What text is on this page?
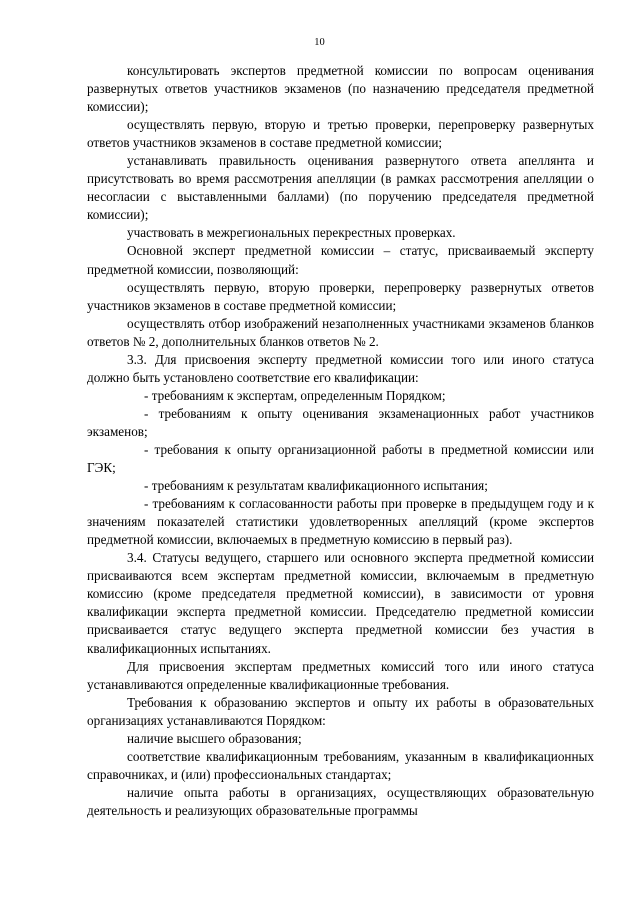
10

консультировать экспертов предметной комиссии по вопросам оценивания развернутых ответов участников экзаменов (по назначению председателя предметной комиссии);

осуществлять первую, вторую и третью проверки, перепроверку развернутых ответов участников экзаменов в составе предметной комиссии;

устанавливать правильность оценивания развернутого ответа апеллянта и присутствовать во время рассмотрения апелляции (в рамках рассмотрения апелляции о несогласии с выставленными баллами) (по поручению председателя предметной комиссии);

участвовать в межрегиональных перекрестных проверках.

Основной эксперт предметной комиссии – статус, присваиваемый эксперту предметной комиссии, позволяющий:

осуществлять первую, вторую проверки, перепроверку развернутых ответов участников экзаменов в составе предметной комиссии;

осуществлять отбор изображений незаполненных участниками экзаменов бланков ответов № 2, дополнительных бланков ответов № 2.

3.3. Для присвоения эксперту предметной комиссии того или иного статуса должно быть установлено соответствие его квалификации:

- требованиям к экспертам, определенным Порядком;

- требованиям к опыту оценивания экзаменационных работ участников экзаменов;

- требования к опыту организационной работы в предметной комиссии или ГЭК;

- требованиям к результатам квалификационного испытания;

- требованиям к согласованности работы при проверке в предыдущем году и к значениям показателей статистики удовлетворенных апелляций (кроме экспертов предметной комиссии, включаемых в предметную комиссию в первый раз).

3.4. Статусы ведущего, старшего или основного эксперта предметной комиссии присваиваются всем экспертам предметной комиссии, включаемым в предметную комиссию (кроме председателя предметной комиссии), в зависимости от уровня квалификации эксперта предметной комиссии. Председателю предметной комиссии присваивается статус ведущего эксперта предметной комиссии без участия в квалификационных испытаниях.

Для присвоения экспертам предметных комиссий того или иного статуса устанавливаются определенные квалификационные требования.

Требования к образованию экспертов и опыту их работы в образовательных организациях устанавливаются Порядком:

наличие высшего образования;

соответствие квалификационным требованиям, указанным в квалификационных справочниках, и (или) профессиональных стандартах;

наличие опыта работы в организациях, осуществляющих образовательную деятельность и реализующих образовательные программы
